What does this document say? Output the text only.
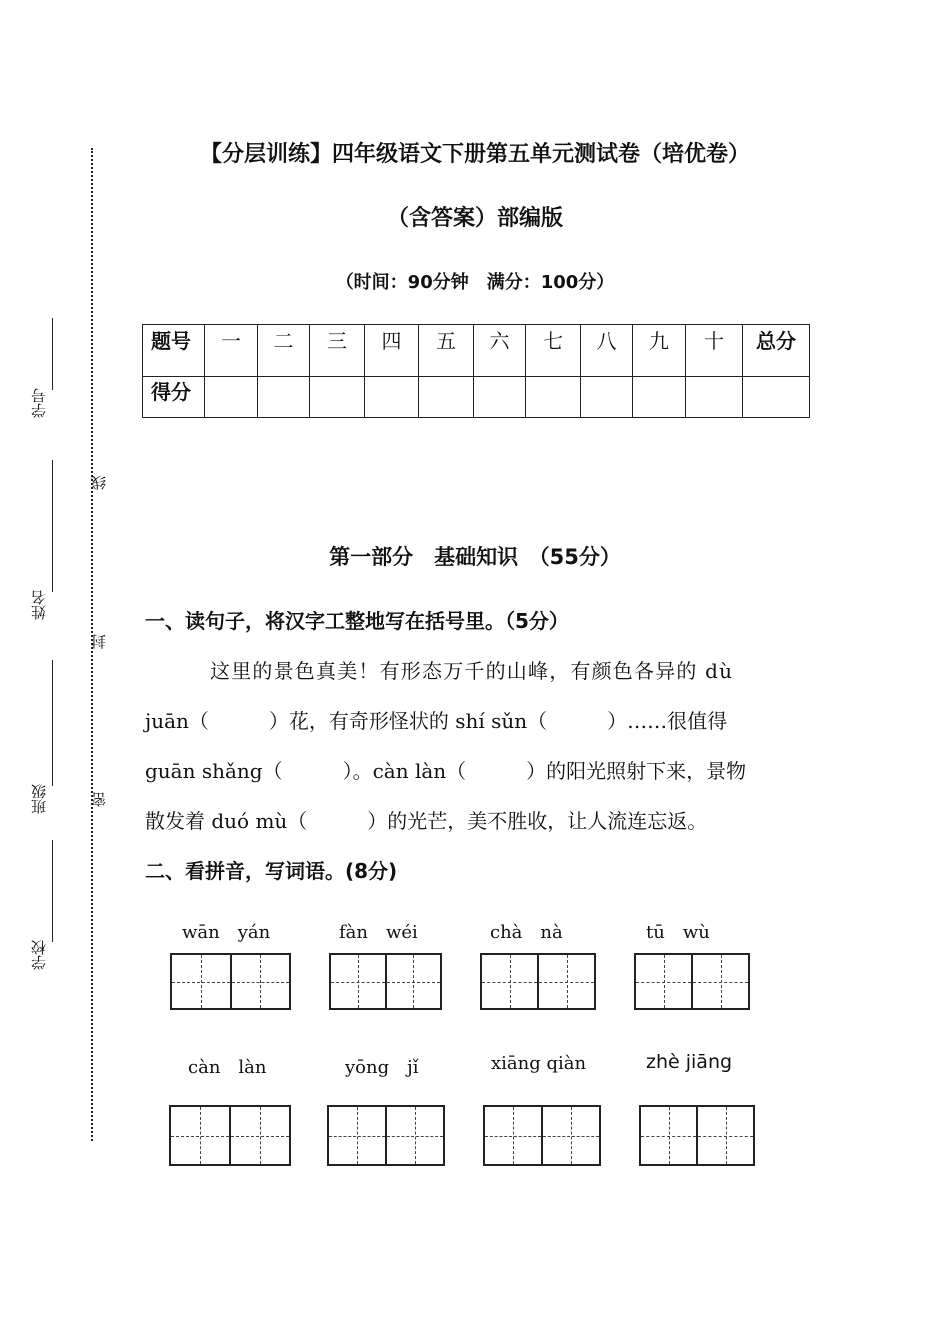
学号
姓名
班级
学校
线
封
密
【分层训练】四年级语文下册第五单元测试卷（培优卷）
（含答案）部编版
（时间：90分钟　满分：100分）
题号	一	二	三	四	五	六	七	八	九	十	总分
得分											
第一部分　基础知识　（55分）
一、读句子，将汉字工整地写在括号里。（5分）
这里的景色真美！有形态万千的山峰，有颜色各异的 dù
juān（　　　）花，有奇形怪状的 shí sǔn（　　　）……很值得
guān shǎng（　　　）。càn làn（　　　）的阳光照射下来，景物
散发着 duó mù（　　　）的光芒，美不胜收，让人流连忘返。
二、看拼音，写词语。(8分)
wān　yán	fàn　wéi	chà　nà	tū　wù
càn　làn	yōng　jǐ	xiāng qiàn	zhè jiāng
